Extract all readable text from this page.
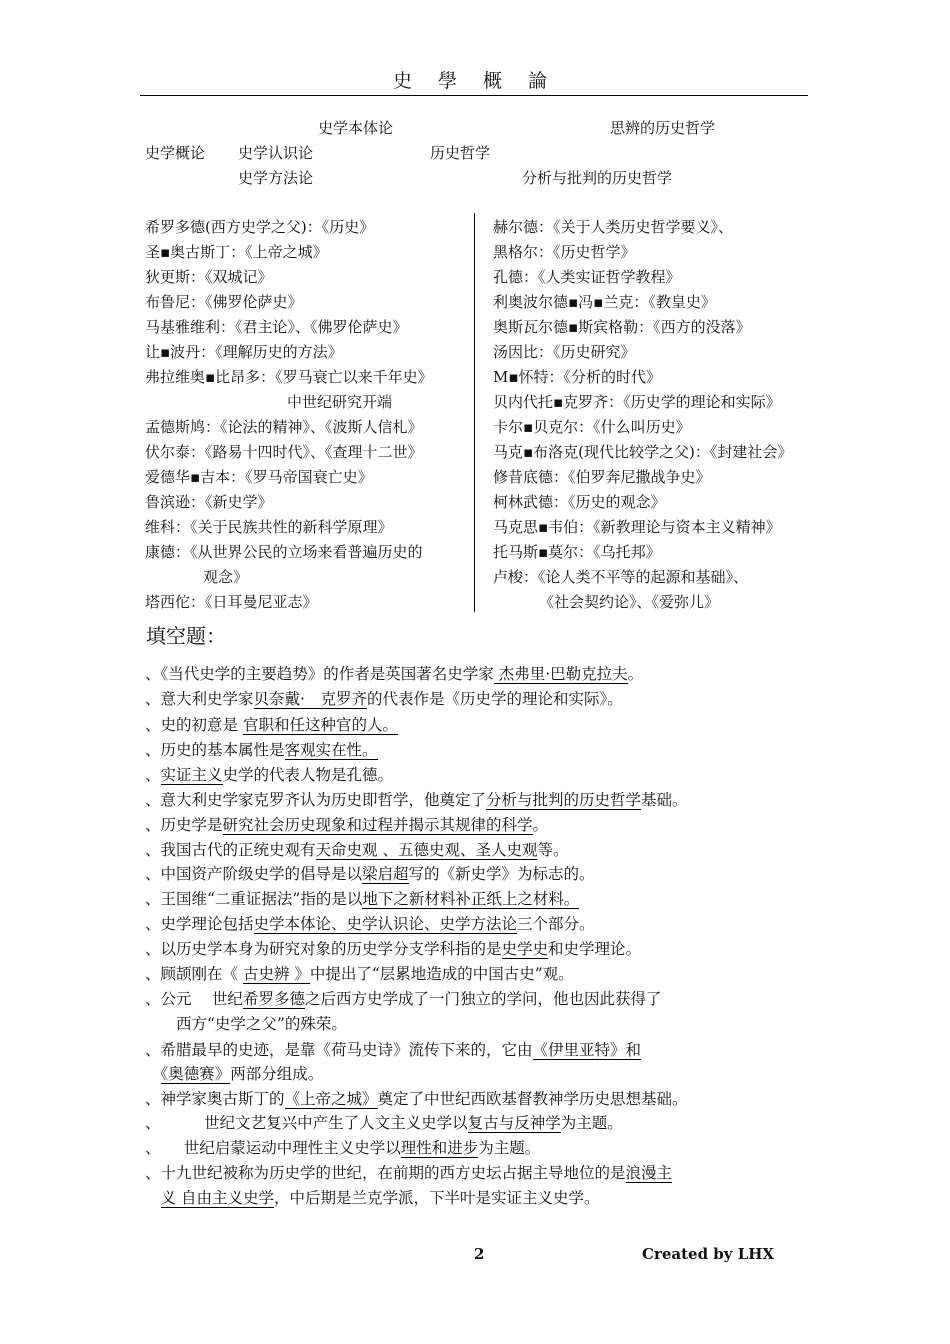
史 學 概 論
史学本体论	思辨的历史哲学
史学概论 史学认识论	历史哲学
史学方法论	分析与批判的历史哲学
希罗多德(西方史学之父)：《历史》
圣▪奥古斯丁：《上帝之城》
狄更斯：《双城记》
布鲁尼：《佛罗伦萨史》
马基雅维利：《君主论》、《佛罗伦萨史》
让▪波丹：《理解历史的方法》
弗拉维奥▪比昂多：《罗马衰亡以来千年史》
中世纪研究开端
孟德斯鸠：《论法的精神》、《波斯人信札》
伏尔泰：《路易十四时代》、《查理十二世》
爱德华▪吉本：《罗马帝国衰亡史》
鲁滨逊：《新史学》
维科：《关于民族共性的新科学原理》
康德：《从世界公民的立场来看普遍历史的
观念》
塔西佗：《日耳曼尼亚志》
赫尔德：《关于人类历史哲学要义》、
黑格尔：《历史哲学》
孔德：《人类实证哲学教程》
利奥波尔德▪冯▪兰克：《教皇史》
奥斯瓦尔德▪斯宾格勒：《西方的没落》
汤因比：《历史研究》
M▪怀特：《分析的时代》
贝内代托▪克罗齐：《历史学的理论和实际》
卡尔▪贝克尔：《什么叫历史》
马克▪布洛克(现代比较学之父)：《封建社会》
修昔底德：《伯罗奔尼撒战争史》
柯林武德：《历史的观念》
马克思▪韦伯：《新教理论与资本主义精神》
托马斯▪莫尔：《乌托邦》
卢梭：《论人类不平等的起源和基础》、
《社会契约论》、《爱弥儿》
填空题：
、《当代史学的主要趋势》的作者是英国著名史学家 杰弗里·巴勒克拉夫。
、意大利史学家贝奈戴·　克罗齐的代表作是《历史学的理论和实际》。
、史的初意是 官职和任这种官的人。
、历史的基本属性是客观实在性。
、实证主义史学的代表人物是孔德。
、意大利史学家克罗齐认为历史即哲学，他奠定了分析与批判的历史哲学基础。
、历史学是研究社会历史现象和过程并揭示其规律的科学。
、我国古代的正统史观有天命史观 、五德史观、圣人史观等。
、中国资产阶级史学的倡导是以梁启超写的《新史学》为标志的。
、王国维“二重证据法”指的是以地下之新材料补正纸上之材料。
、史学理论包括史学本体论、史学认识论、史学方法论三个部分。
、以历史学本身为研究对象的历史学分支学科指的是史学史和史学理论。
、顾颉刚在《 古史辨 》中提出了“层累地造成的中国古史”观。
、公元　 世纪希罗多德之后西方史学成了一门独立的学问，他也因此获得了
　　西方“史学之父”的殊荣。
、希腊最早的史迹，是靠《荷马史诗》流传下来的，它由《伊里亚特》和
　《奥德赛》两部分组成。
、神学家奥古斯丁的《上帝之城》奠定了中世纪西欧基督教神学历史思想基础。
、　　　 世纪文艺复兴中产生了人文主义史学以复古与反神学为主题。
、　　世纪启蒙运动中理性主义史学以理性和进步为主题。
、十九世纪被称为历史学的世纪，在前期的西方史坛占据主导地位的是浪漫主
　义 自由主义史学，中后期是兰克学派，下半叶是实证主义史学。
2	Created by LHX
